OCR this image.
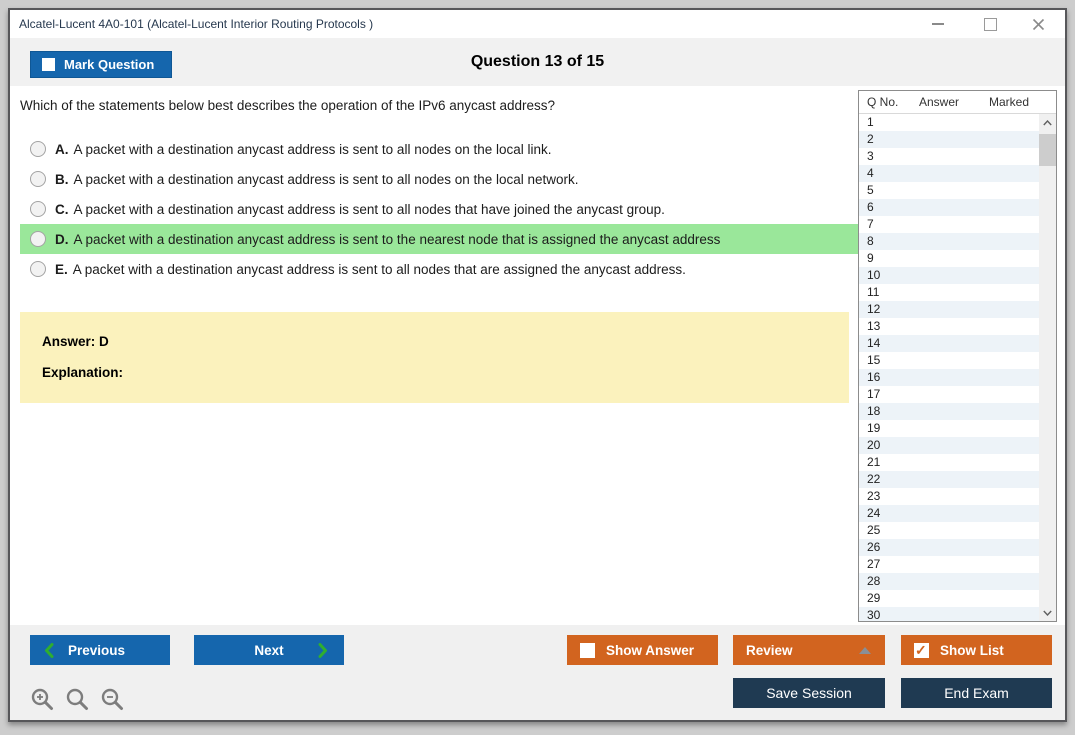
Alcatel-Lucent 4A0-101 (Alcatel-Lucent Interior Routing Protocols )
Question 13 of 15
Mark Question
Which of the statements below best describes the operation of the IPv6 anycast address?
A. A packet with a destination anycast address is sent to all nodes on the local link.
B. A packet with a destination anycast address is sent to all nodes on the local network.
C. A packet with a destination anycast address is sent to all nodes that have joined the anycast group.
D. A packet with a destination anycast address is sent to the nearest node that is assigned the anycast address
E. A packet with a destination anycast address is sent to all nodes that are assigned the anycast address.
Answer: D
Explanation:
Q No. Answer Marked
1
2
3
4
5
6
7
8
9
10
11
12
13
14
15
16
17
18
19
20
21
22
23
24
25
26
27
28
29
30
Previous	Next	Show Answer	Review ✓	Show List
Save Session	End Exam
